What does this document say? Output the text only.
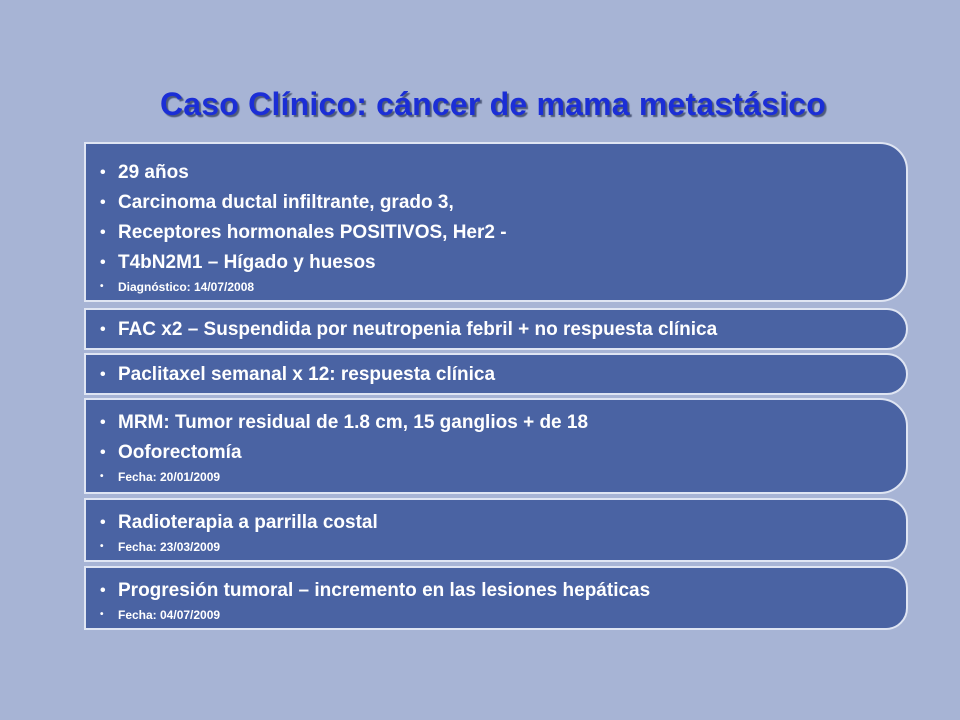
Caso Clínico: cáncer de mama metastásico
• 29 años
• Carcinoma ductal infiltrante, grado 3,
• Receptores hormonales POSITIVOS, Her2 -
• T4bN2M1 – Hígado y huesos
• Diagnóstico: 14/07/2008
• FAC x2 – Suspendida por neutropenia febril + no respuesta clínica
• Paclitaxel semanal x 12: respuesta clínica
• MRM: Tumor residual de 1.8 cm, 15 ganglios + de 18
• Ooforectomía
• Fecha: 20/01/2009
• Radioterapia a parrilla costal
• Fecha: 23/03/2009
• Progresión tumoral – incremento en las lesiones hepáticas
• Fecha: 04/07/2009
